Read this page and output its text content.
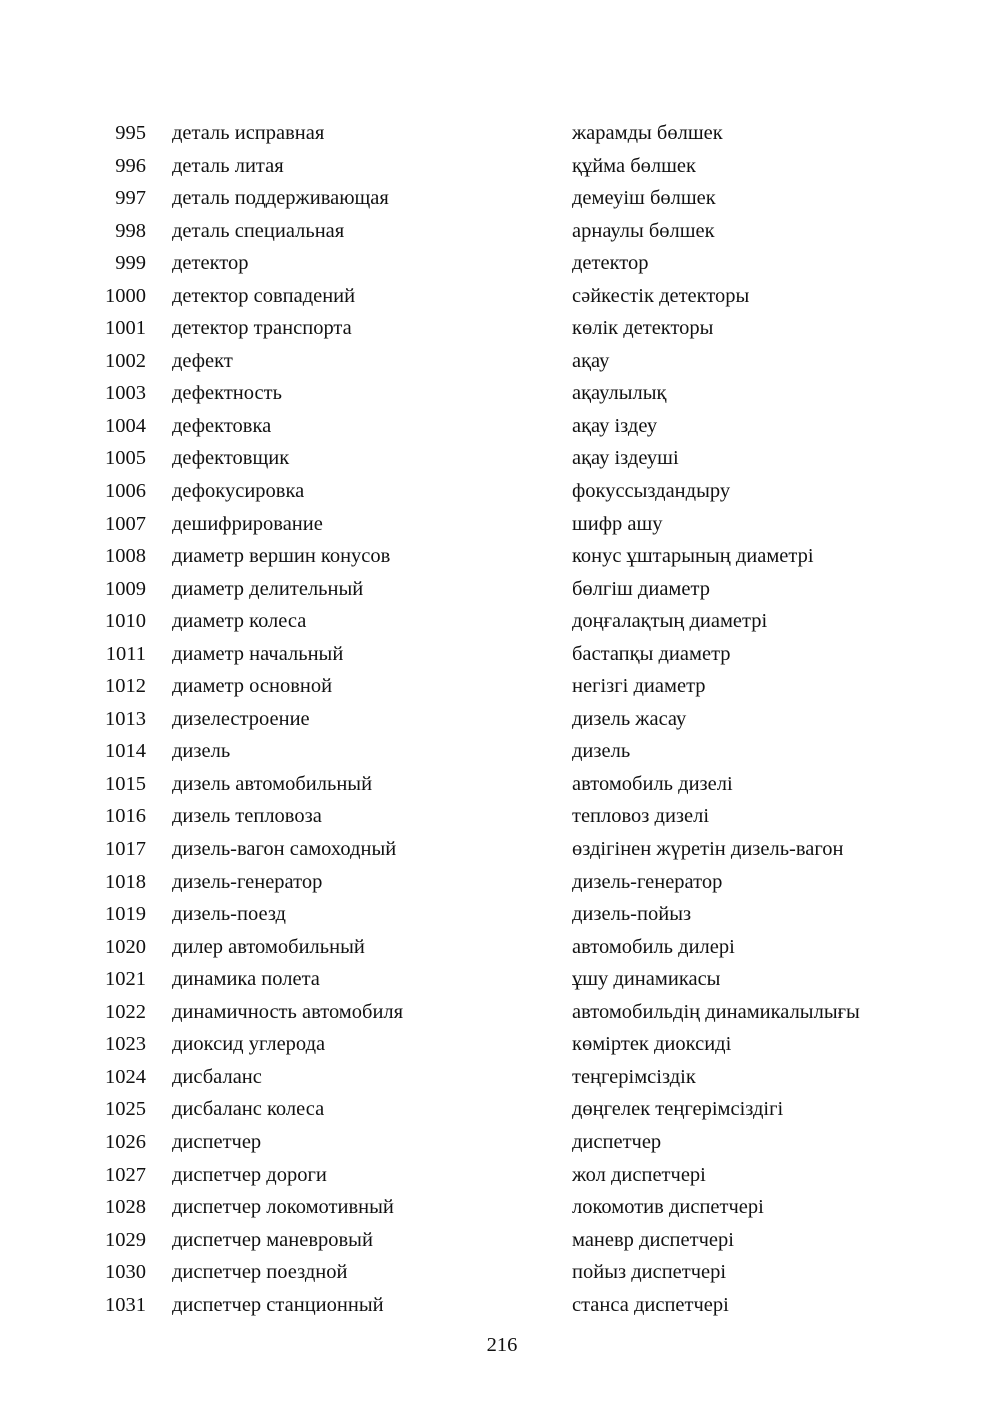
995 деталь исправная	жарамды бөлшек
996 деталь литая	құйма бөлшек
997 деталь поддерживающая	демеуіш бөлшек
998 деталь специальная	арнаулы бөлшек
999 детектор	детектор
1000 детектор совпадений	сәйкестік детекторы
1001 детектор транспорта	көлік детекторы
1002 дефект	ақау
1003 дефектность	ақаулылық
1004 дефектовка	ақау іздеу
1005 дефектовщик	ақау іздеуші
1006 дефокусировка	фокуссыздандыру
1007 дешифрирование	шифр ашу
1008 диаметр вершин конусов	конус ұштарының диаметрі
1009 диаметр делительный	бөлгіш диаметр
1010 диаметр колеса	доңғалақтың диаметрі
1011 диаметр начальный	бастапқы диаметр
1012 диаметр основной	негізгі диаметр
1013 дизелестроение	дизель жасау
1014 дизель	дизель
1015 дизель автомобильный	автомобиль дизелі
1016 дизель тепловоза	тепловоз дизелі
1017 дизель-вагон самоходный	өздігінен жүретін дизель-вагон
1018 дизель-генератор	дизель-генератор
1019 дизель-поезд	дизель-пойыз
1020 дилер автомобильный	автомобиль дилері
1021 динамика полета	ұшу динамикасы
1022 динамичность автомобиля	автомобильдің динамикалылығы
1023 диоксид углерода	көміртек диоксиді
1024 дисбаланс	теңгерімсіздік
1025 дисбаланс колеса	дөңгелек теңгерімсіздігі
1026 диспетчер	диспетчер
1027 диспетчер дороги	жол диспетчері
1028 диспетчер локомотивный	локомотив диспетчері
1029 диспетчер маневровый	маневр диспетчері
1030 диспетчер поездной	пойыз диспетчері
1031 диспетчер станционный	станса диспетчері
216
